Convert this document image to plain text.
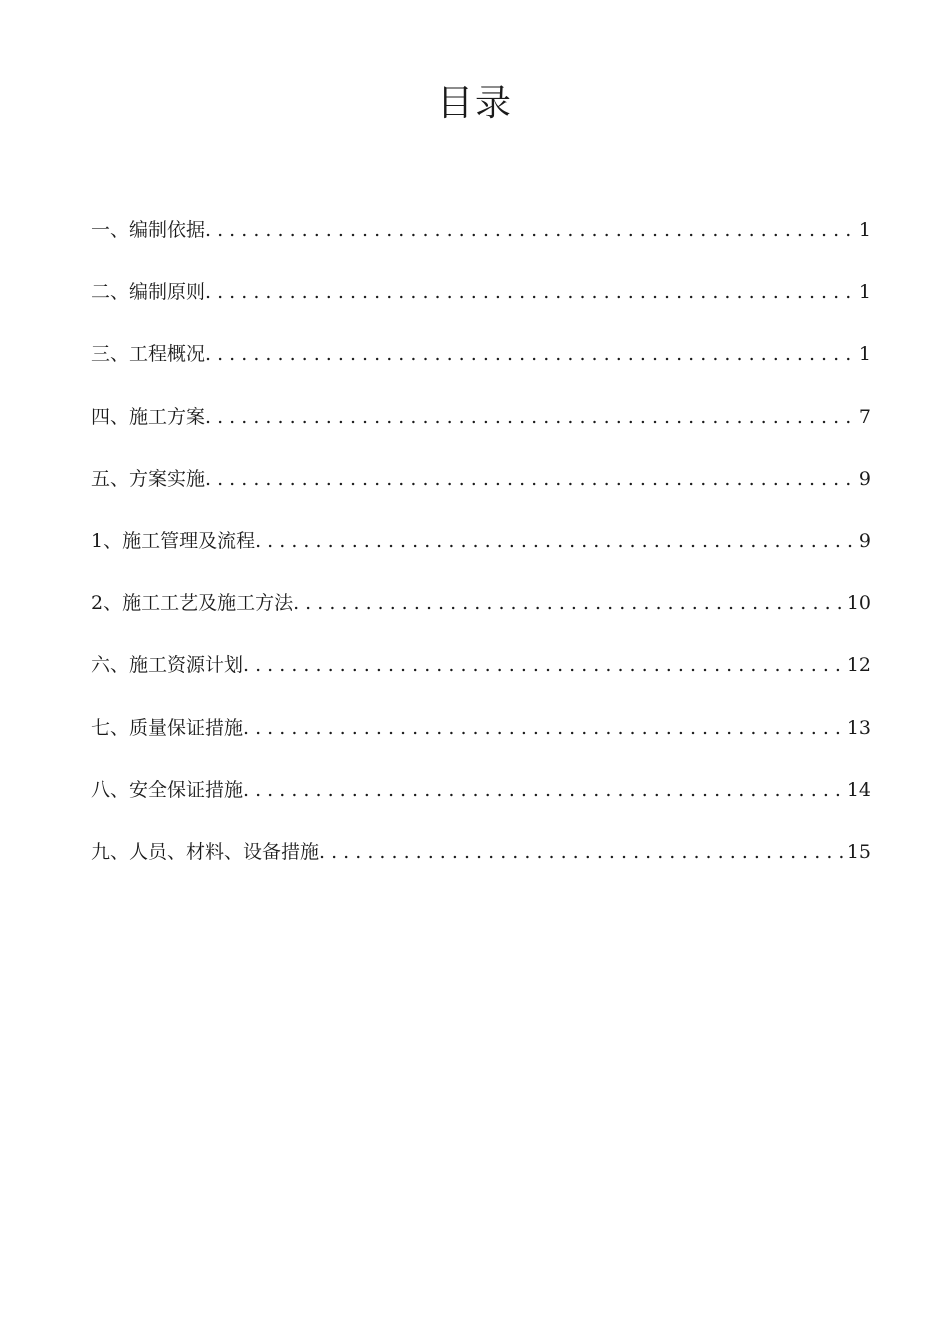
目录
一、编制依据 . . .	1
二、编制原则 . . .	1
三、工程概况 . . .	1
四、施工方案 . . .	7
五、方案实施 . . .	9
1、施工管理及流程 . . .	9
2、施工工艺及施工方法 . . .	10
六、施工资源计划 . . .	12
七、质量保证措施 . . .	13
八、安全保证措施 . . .	14
九、人员、材料、设备措施 . . .	15
